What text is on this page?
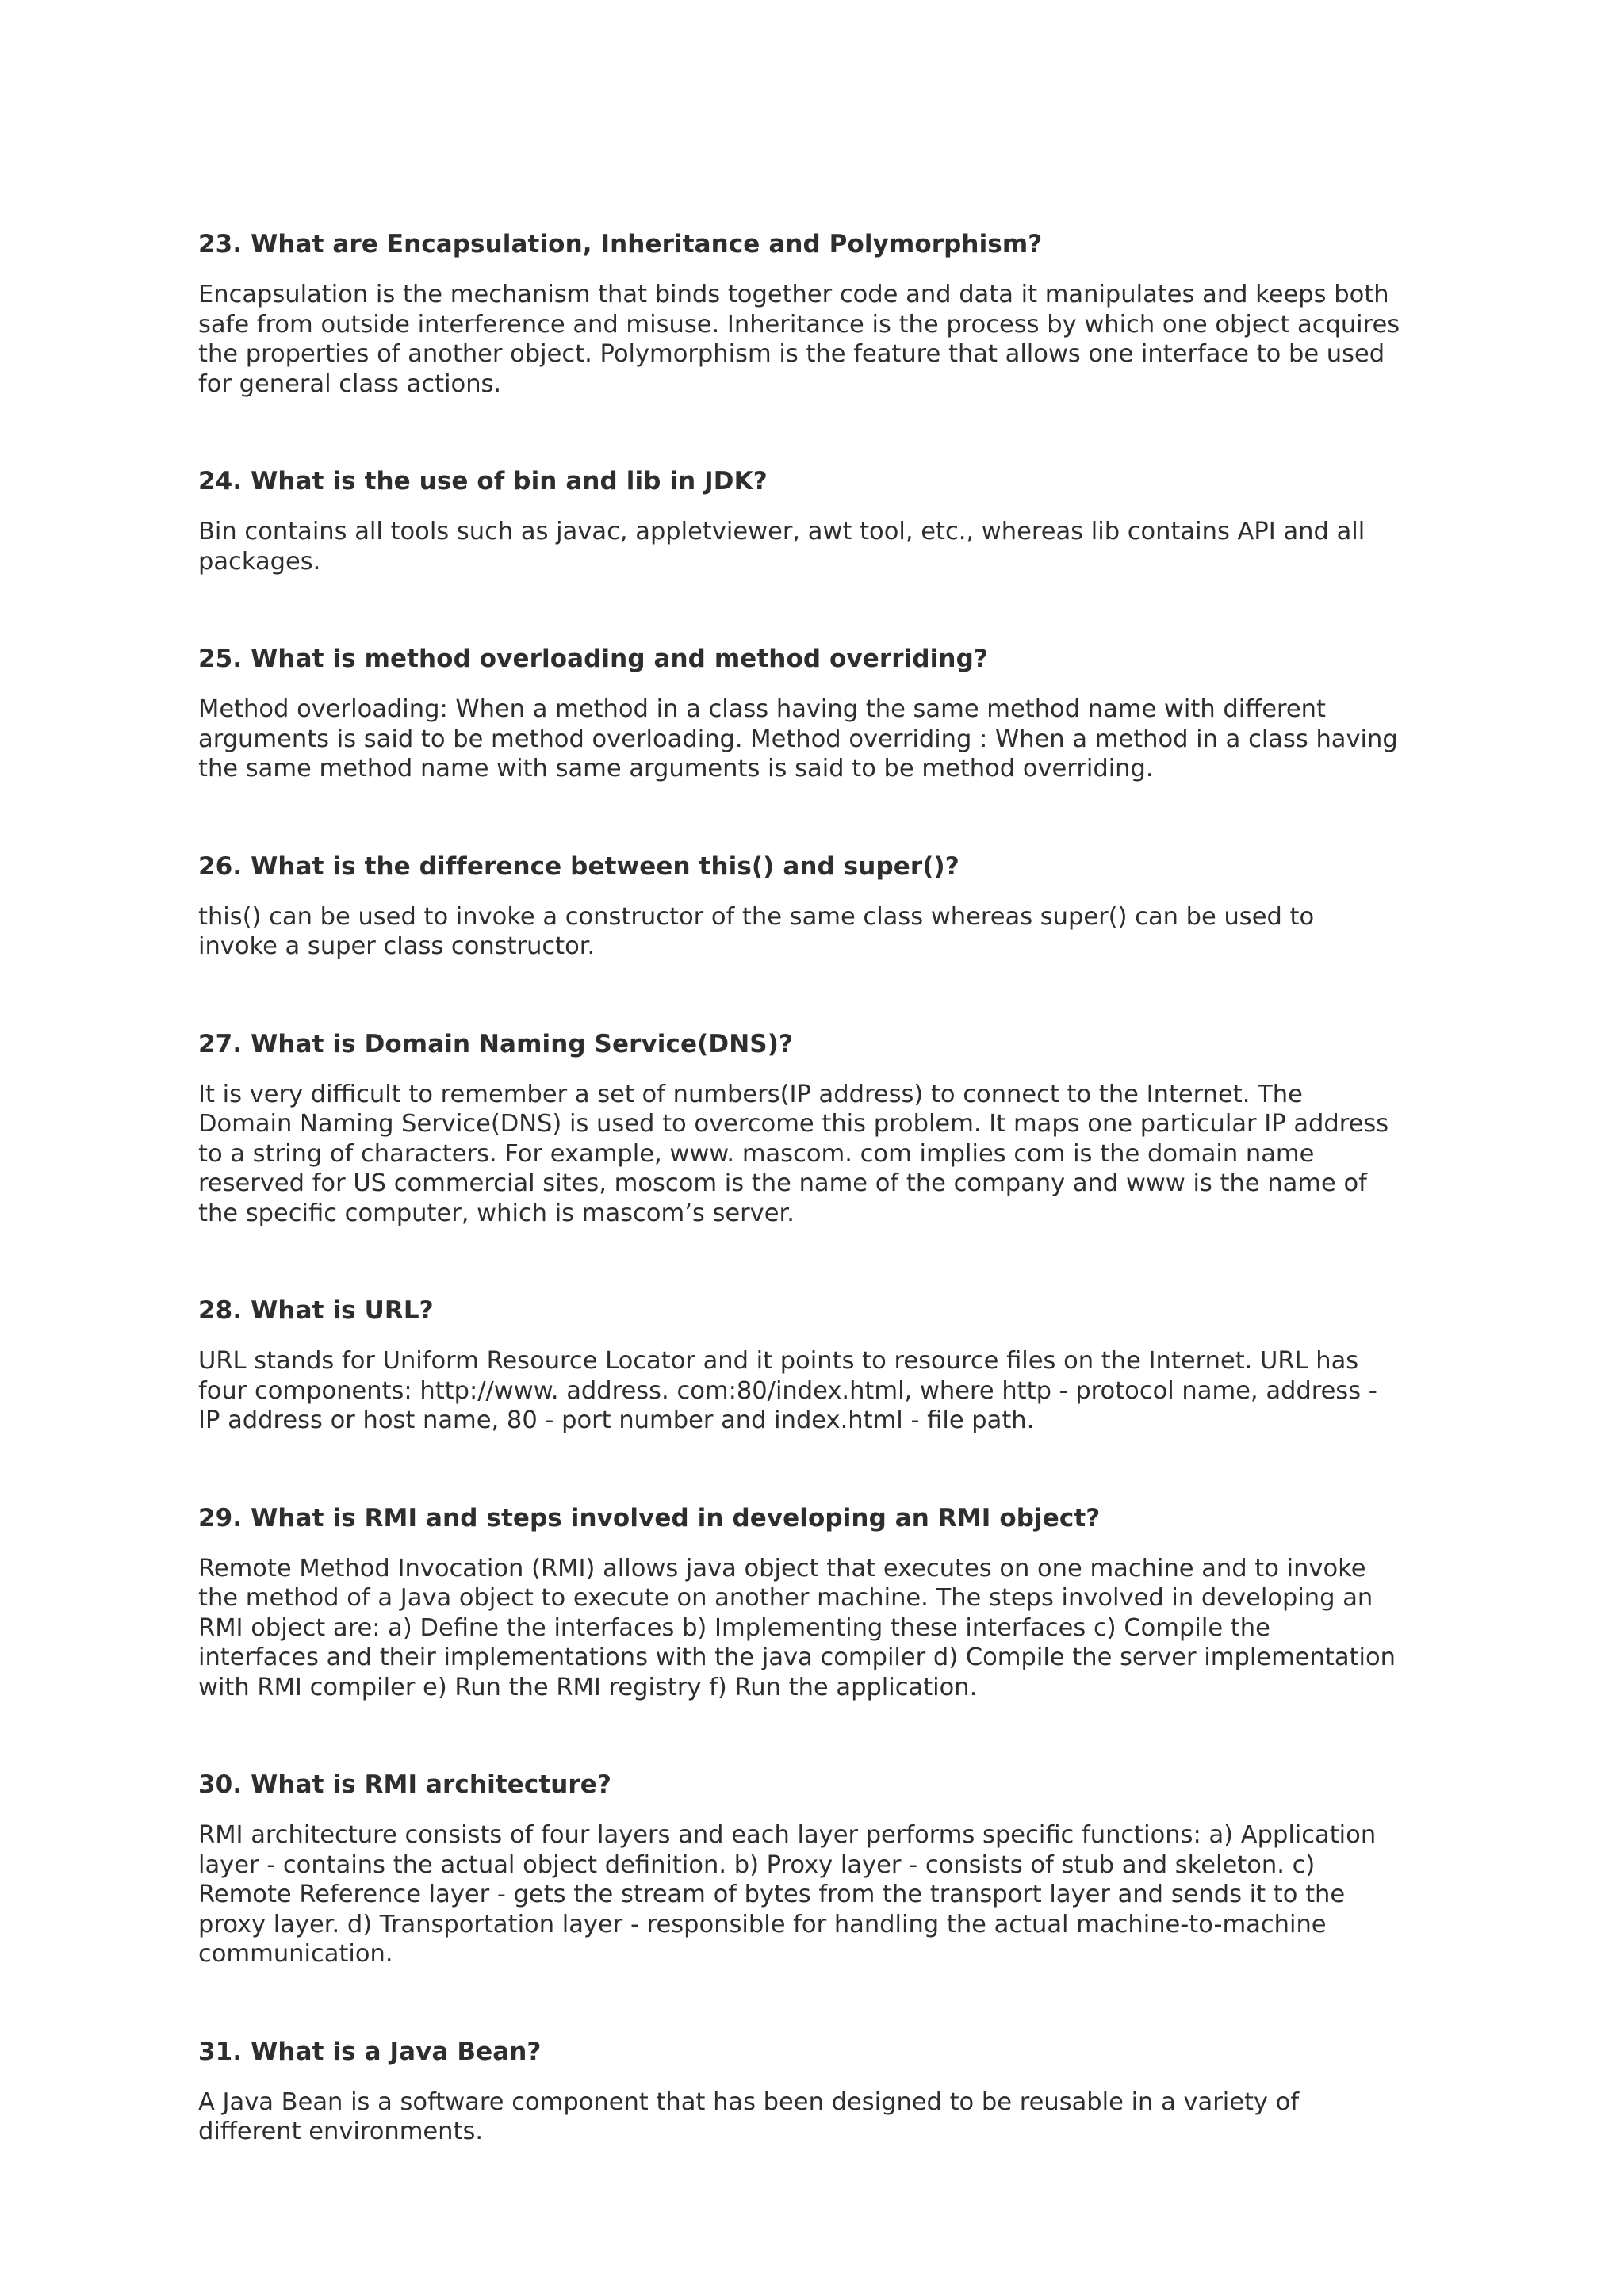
23. What are Encapsulation, Inheritance and Polymorphism?

Encapsulation is the mechanism that binds together code and data it manipulates and keeps both
safe from outside interference and misuse. Inheritance is the process by which one object acquires
the properties of another object. Polymorphism is the feature that allows one interface to be used
for general class actions.

24. What is the use of bin and lib in JDK?

Bin contains all tools such as javac, appletviewer, awt tool, etc., whereas lib contains API and all
packages.

25. What is method overloading and method overriding?

Method overloading: When a method in a class having the same method name with different
arguments is said to be method overloading. Method overriding : When a method in a class having
the same method name with same arguments is said to be method overriding.

26. What is the difference between this() and super()?

this() can be used to invoke a constructor of the same class whereas super() can be used to
invoke a super class constructor.

27. What is Domain Naming Service(DNS)?

It is very difficult to remember a set of numbers(IP address) to connect to the Internet. The
Domain Naming Service(DNS) is used to overcome this problem. It maps one particular IP address
to a string of characters. For example, www. mascom. com implies com is the domain name
reserved for US commercial sites, moscom is the name of the company and www is the name of
the specific computer, which is mascom’s server.

28. What is URL?

URL stands for Uniform Resource Locator and it points to resource files on the Internet. URL has
four components: http://www. address. com:80/index.html, where http - protocol name, address -
IP address or host name, 80 - port number and index.html - file path.

29. What is RMI and steps involved in developing an RMI object?

Remote Method Invocation (RMI) allows java object that executes on one machine and to invoke
the method of a Java object to execute on another machine. The steps involved in developing an
RMI object are: a) Define the interfaces b) Implementing these interfaces c) Compile the
interfaces and their implementations with the java compiler d) Compile the server implementation
with RMI compiler e) Run the RMI registry f) Run the application.

30. What is RMI architecture?

RMI architecture consists of four layers and each layer performs specific functions: a) Application
layer - contains the actual object definition. b) Proxy layer - consists of stub and skeleton. c)
Remote Reference layer - gets the stream of bytes from the transport layer and sends it to the
proxy layer. d) Transportation layer - responsible for handling the actual machine-to-machine
communication.

31. What is a Java Bean?

A Java Bean is a software component that has been designed to be reusable in a variety of
different environments.
